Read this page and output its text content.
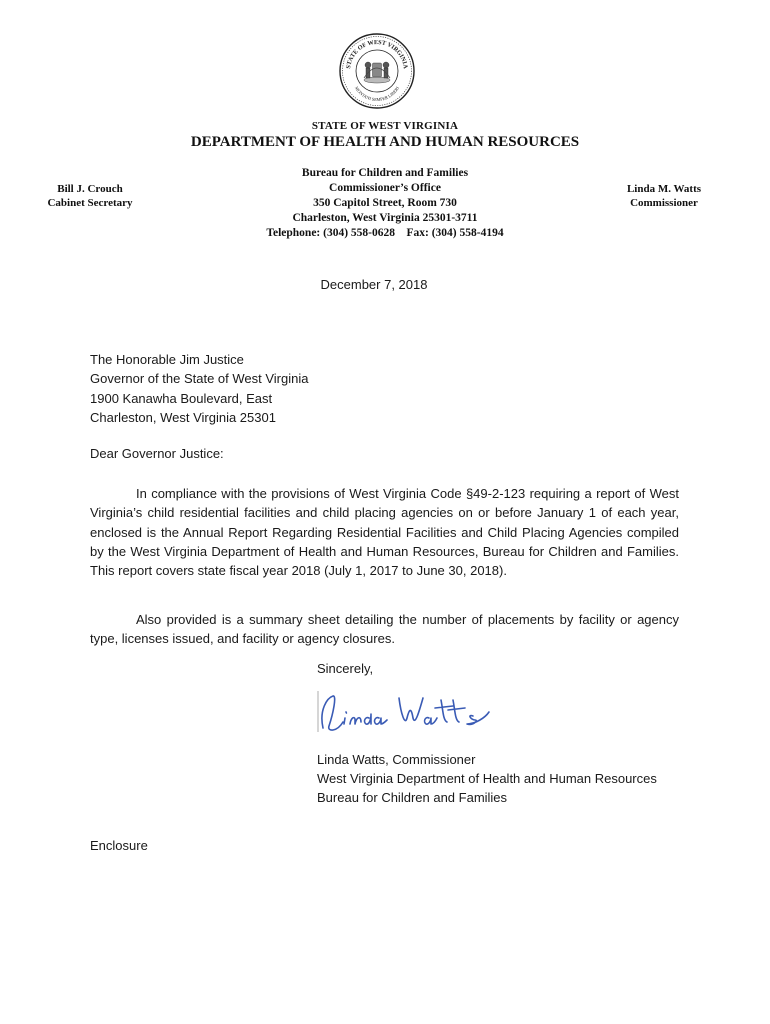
STATE OF WEST VIRGINIA
MONTANI SEMPER LIBERI
STATE OF WEST VIRGINIA
DEPARTMENT OF HEALTH AND HUMAN RESOURCES
Bill J. Crouch
Cabinet Secretary
Bureau for Children and Families
Commissioner’s Office
350 Capitol Street, Room 730
Charleston, West Virginia 25301-3711
Telephone: (304) 558-0628    Fax: (304) 558-4194
Linda M. Watts
Commissioner
December 7, 2018
The Honorable Jim Justice
Governor of the State of West Virginia
1900 Kanawha Boulevard, East
Charleston, West Virginia 25301
Dear Governor Justice:

In compliance with the provisions of West Virginia Code §49-2-123 requiring a report of West Virginia’s child residential facilities and child placing agencies on or before January 1 of each year, enclosed is the Annual Report Regarding Residential Facilities and Child Placing Agencies compiled by the West Virginia Department of Health and Human Resources, Bureau for Children and Families. This report covers state fiscal year 2018 (July 1, 2017 to June 30, 2018).

Also provided is a summary sheet detailing the number of placements by facility or agency type, licenses issued, and facility or agency closures.

Sincerely,
Linda Watts, Commissioner
West Virginia Department of Health and Human Resources
Bureau for Children and Families
Enclosure
